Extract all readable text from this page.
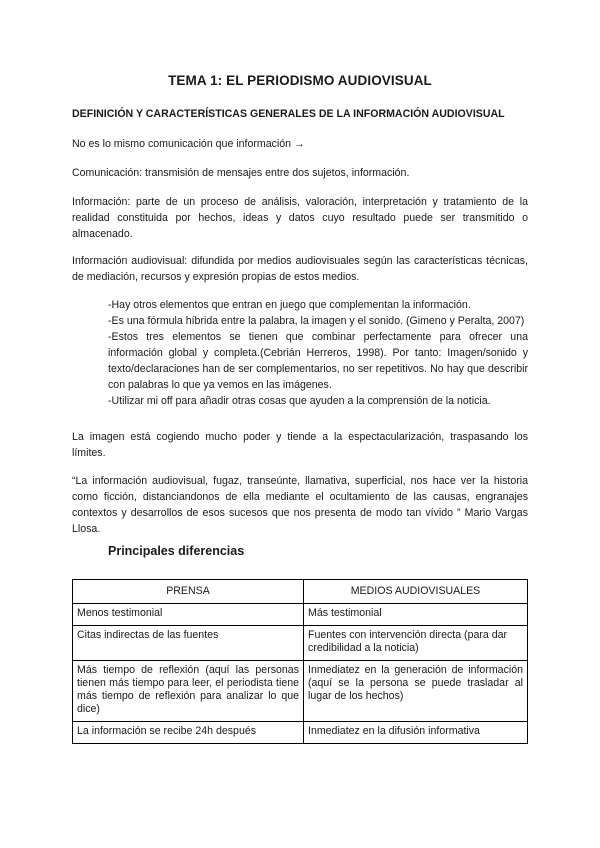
TEMA 1: EL PERIODISMO AUDIOVISUAL
DEFINICIÓN Y CARACTERÍSTICAS GENERALES DE LA INFORMACIÓN AUDIOVISUAL

No es lo mismo comunicación que información →

Comunicación: transmisión de mensajes entre dos sujetos, información.

Información: parte de un proceso de análisis, valoración, interpretación y tratamiento de la realidad constituida por hechos, ideas y datos cuyo resultado puede ser transmitido o almacenado.

Información audiovisual: difundida por medios audiovisuales según las características técnicas, de mediación, recursos y expresión propias de estos medios.

-Hay otros elementos que entran en juego que complementan la información.
-Es una fórmula híbrida entre la palabra, la imagen y el sonido. (Gimeno y Peralta, 2007)
-Estos tres elementos se tienen que combinar perfectamente para ofrecer una información global y completa.(Cebrián Herreros, 1998). Por tanto: Imagen/sonido y texto/declaraciones han de ser complementarios, no ser repetitivos. No hay que describir con palabras lo que ya vemos en las imágenes.
-Utilizar mi off para añadir otras cosas que ayuden a la comprensión de la noticia.

La imagen está cogiendo mucho poder y tiende a la espectacularización, traspasando los límites.

“La información audiovisual, fugaz, transeúnte, llamativa, superficial, nos hace ver la historia como ficción, distanciandonos de ella mediante el ocultamiento de las causas, engranajes contextos y desarrollos de esos sucesos que nos presenta de modo tan vívido ” Mario Vargas Llosa.

Principales diferencias
PRENSA	MEDIOS AUDIOVISUALES
Menos testimonial	Más testimonial
Citas indirectas de las fuentes	Fuentes con intervención directa (para dar credibilidad a la noticia)
Más tiempo de reflexión (aquí las personas tienen más tiempo para leer, el periodista tiene más tiempo de reflexión para analizar lo que dice)	Inmediatez en la generación de información (aquí se la persona se puede trasladar al lugar de los hechos)
La información se recibe 24h después	Inmediatez en la difusión informativa
